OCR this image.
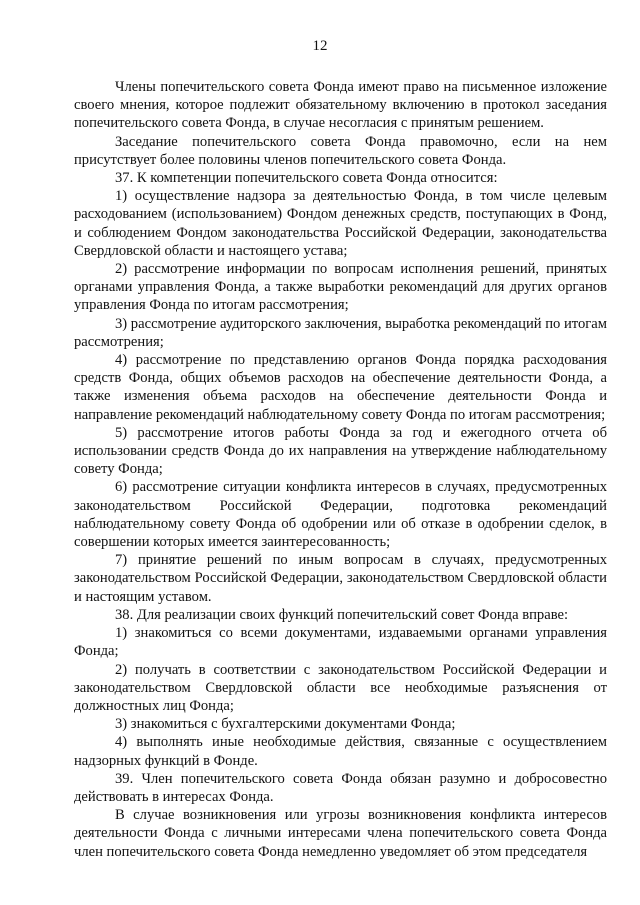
12

Члены попечительского совета Фонда имеют право на письменное изложение своего мнения, которое подлежит обязательному включению в протокол заседания попечительского совета Фонда, в случае несогласия с принятым решением.

Заседание попечительского совета Фонда правомочно, если на нем присутствует более половины членов попечительского совета Фонда.

37. К компетенции попечительского совета Фонда относится:

1) осуществление надзора за деятельностью Фонда, в том числе целевым расходованием (использованием) Фондом денежных средств, поступающих в Фонд, и соблюдением Фондом законодательства Российской Федерации, законодательства Свердловской области и настоящего устава;

2) рассмотрение информации по вопросам исполнения решений, принятых органами управления Фонда, а также выработки рекомендаций для других органов управления Фонда по итогам рассмотрения;

3) рассмотрение аудиторского заключения, выработка рекомендаций по итогам рассмотрения;

4) рассмотрение по представлению органов Фонда порядка расходования средств Фонда, общих объемов расходов на обеспечение деятельности Фонда, а также изменения объема расходов на обеспечение деятельности Фонда и направление рекомендаций наблюдательному совету Фонда по итогам рассмотрения;

5) рассмотрение итогов работы Фонда за год и ежегодного отчета об использовании средств Фонда до их направления на утверждение наблюдательному совету Фонда;

6) рассмотрение ситуации конфликта интересов в случаях, предусмотренных законодательством Российской Федерации, подготовка рекомендаций наблюдательному совету Фонда об одобрении или об отказе в одобрении сделок, в совершении которых имеется заинтересованность;

7) принятие решений по иным вопросам в случаях, предусмотренных законодательством Российской Федерации, законодательством Свердловской области и настоящим уставом.

38. Для реализации своих функций попечительский совет Фонда вправе:

1) знакомиться со всеми документами, издаваемыми органами управления Фонда;

2) получать в соответствии с законодательством Российской Федерации и законодательством Свердловской области все необходимые разъяснения от должностных лиц Фонда;

3) знакомиться с бухгалтерскими документами Фонда;

4) выполнять иные необходимые действия, связанные с осуществлением надзорных функций в Фонде.

39. Член попечительского совета Фонда обязан разумно и добросовестно действовать в интересах Фонда.

В случае возникновения или угрозы возникновения конфликта интересов деятельности Фонда с личными интересами члена попечительского совета Фонда член попечительского совета Фонда немедленно уведомляет об этом председателя
